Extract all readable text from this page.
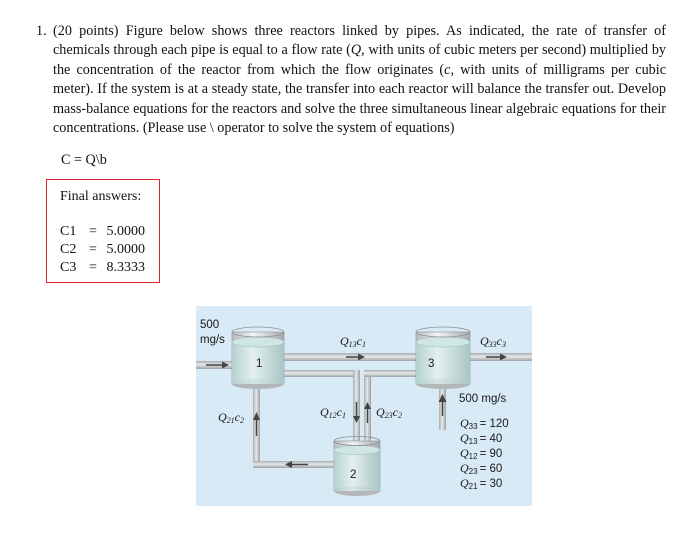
1. (20 points) Figure below shows three reactors linked by pipes. As indicated, the rate of transfer of chemicals through each pipe is equal to a flow rate (Q, with units of cubic meters per second) multiplied by the concentration of the reactor from which the flow originates (c, with units of milligrams per cubic meter). If the system is at a steady state, the transfer into each reactor will balance the transfer out. Develop mass-balance equations for the reactors and solve the three simultaneous linear algebraic equations for their concentrations. (Please use \ operator to solve the system of equations)
C = Q\b
Final answers:
C1 = 5.0000
C2 = 5.0000
C3 = 8.3333
1	3
2
500
mg/s
500 mg/s
Q13c1	Q33c3
Q12c1	Q23c2
Q21c2	Q33 = 120
Q13 = 40
Q12 = 90
Q23 = 60
Q21 = 30
